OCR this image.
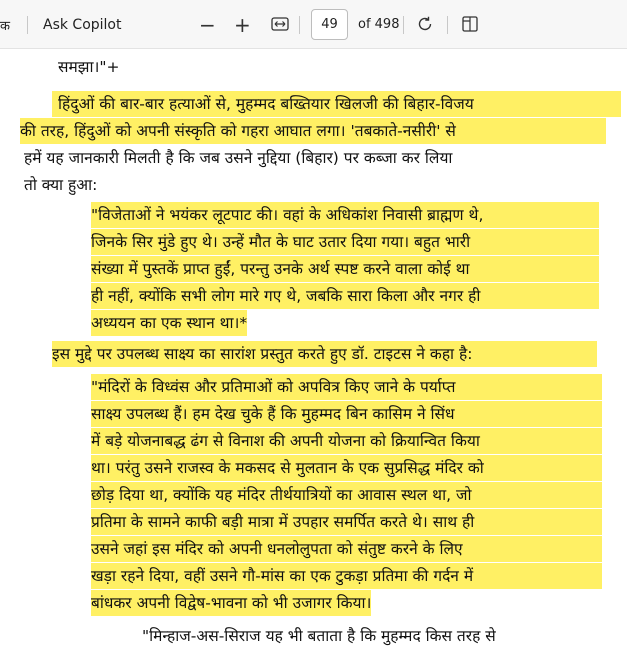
क Ask Copilot	− +	49	of 498
समझा।"+
हिंदुओं की बार-बार हत्याओं से, मुहम्मद बख्तियार खिलजी की बिहार-विजय
की तरह, हिंदुओं को अपनी संस्कृति को गहरा आघात लगा। 'तबकाते-नसीरी' से
हमें यह जानकारी मिलती है कि जब उसने नुद्दिया (बिहार) पर कब्जा कर लिया
तो क्या हुआ:
"विजेताओं ने भयंकर लूटपाट की। वहां के अधिकांश निवासी ब्राह्मण थे,
जिनके सिर मुंडे हुए थे। उन्हें मौत के घाट उतार दिया गया। बहुत भारी
संख्या में पुस्तकें प्राप्त हुईं, परन्तु उनके अर्थ स्पष्ट करने वाला कोई था
ही नहीं, क्योंकि सभी लोग मारे गए थे, जबकि सारा किला और नगर ही
अध्ययन का एक स्थान था।*
इस मुद्दे पर उपलब्ध साक्ष्य का सारांश प्रस्तुत करते हुए डॉ. टाइटस ने कहा है:
"मंदिरों के विध्वंस और प्रतिमाओं को अपवित्र किए जाने के पर्याप्त
साक्ष्य उपलब्ध हैं। हम देख चुके हैं कि मुहम्मद बिन कासिम ने सिंध
में बड़े योजनाबद्ध ढंग से विनाश की अपनी योजना को क्रियान्वित किया
था। परंतु उसने राजस्व के मकसद से मुलतान के एक सुप्रसिद्ध मंदिर को
छोड़ दिया था, क्योंकि यह मंदिर तीर्थयात्रियों का आवास स्थल था, जो
प्रतिमा के सामने काफी बड़ी मात्रा में उपहार समर्पित करते थे। साथ ही
उसने जहां इस मंदिर को अपनी धनलोलुपता को संतुष्ट करने के लिए
खड़ा रहने दिया, वहीं उसने गौ-मांस का एक टुकड़ा प्रतिमा की गर्दन में
बांधकर अपनी विद्वेष-भावना को भी उजागर किया।
"मिन्हाज-अस-सिराज यह भी बताता है कि मुहम्मद किस तरह से
